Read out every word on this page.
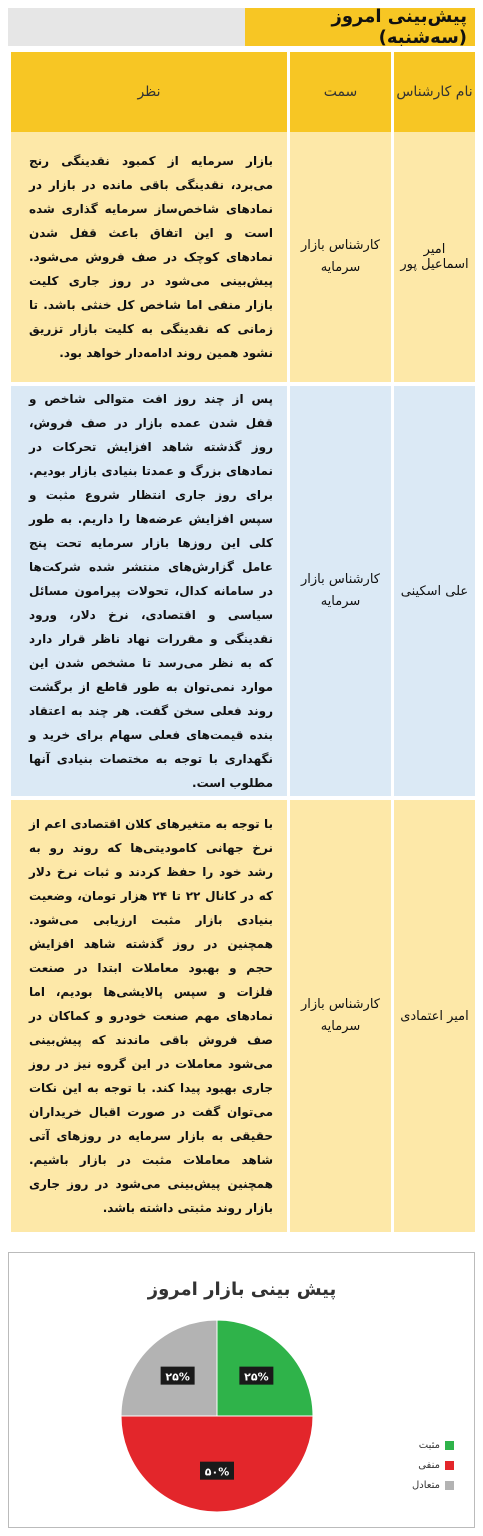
پیش‌بینی امروز (سه‌شنبه)
نام کارشناس	سمت	نظر
امیر اسماعیل پور	کارشناس بازار سرمایه	بازار سرمایه از کمبود نقدینگی رنج می‌برد، نقدینگی باقی مانده در بازار در نمادهای شاخص‌ساز سرمایه گذاری شده است و این اتفاق باعث قفل شدن نمادهای کوچک در صف فروش می‌شود. پیش‌بینی می‌شود در روز جاری کلیت بازار منفی اما شاخص کل خنثی باشد. تا زمانی که نقدینگی به کلیت بازار تزریق نشود همین روند ادامه‌دار خواهد بود.
علی اسکینی	کارشناس بازار سرمایه	پس از چند روز افت متوالی شاخص و قفل شدن عمده بازار در صف فروش، روز گذشته شاهد افزایش تحرکات در نمادهای بزرگ و عمدتا بنیادی بازار بودیم. برای روز جاری انتظار شروع مثبت و سپس افزایش عرضه‌ها را داریم. به طور کلی این روزها بازار سرمایه تحت پنج عامل گزارش‌های منتشر شده شرکت‌ها در سامانه کدال، تحولات پیرامون مسائل سیاسی و اقتصادی، نرخ دلار، ورود نقدینگی و مقررات نهاد ناظر قرار دارد که به نظر می‌رسد تا مشخص شدن این موارد نمی‌توان به طور قاطع از برگشت روند فعلی سخن گفت. هر چند به اعتقاد بنده قیمت‌های فعلی سهام برای خرید و نگهداری با توجه به مختصات بنیادی آنها مطلوب است.
امیر اعتمادی	کارشناس بازار سرمایه	با توجه به متغیرهای کلان اقتصادی اعم از نرخ جهانی کامودیتی‌ها که روند رو به رشد خود را حفظ کردند و ثبات نرخ دلار که در کانال ۲۲ تا ۲۴ هزار تومان، وضعیت بنیادی بازار مثبت ارزیابی می‌شود. همچنین در روز گذشته شاهد افزایش حجم و بهبود معاملات ابتدا در صنعت فلزات و سپس پالایشی‌ها بودیم، اما نمادهای مهم صنعت خودرو و کماکان در صف فروش باقی ماندند که پیش‌بینی می‌شود معاملات در این گروه نیز در روز جاری بهبود پیدا کند. با توجه به این نکات می‌توان گفت در صورت اقبال خریداران حقیقی به بازار سرمایه در روزهای آتی شاهد معاملات مثبت در بازار باشیم. همچنین پیش‌بینی می‌شود در روز جاری بازار روند مثبتی داشته باشد.
پیش بینی بازار امروز
۲۵%
۵۰%
۲۵%
مثبت
منفی
متعادل
